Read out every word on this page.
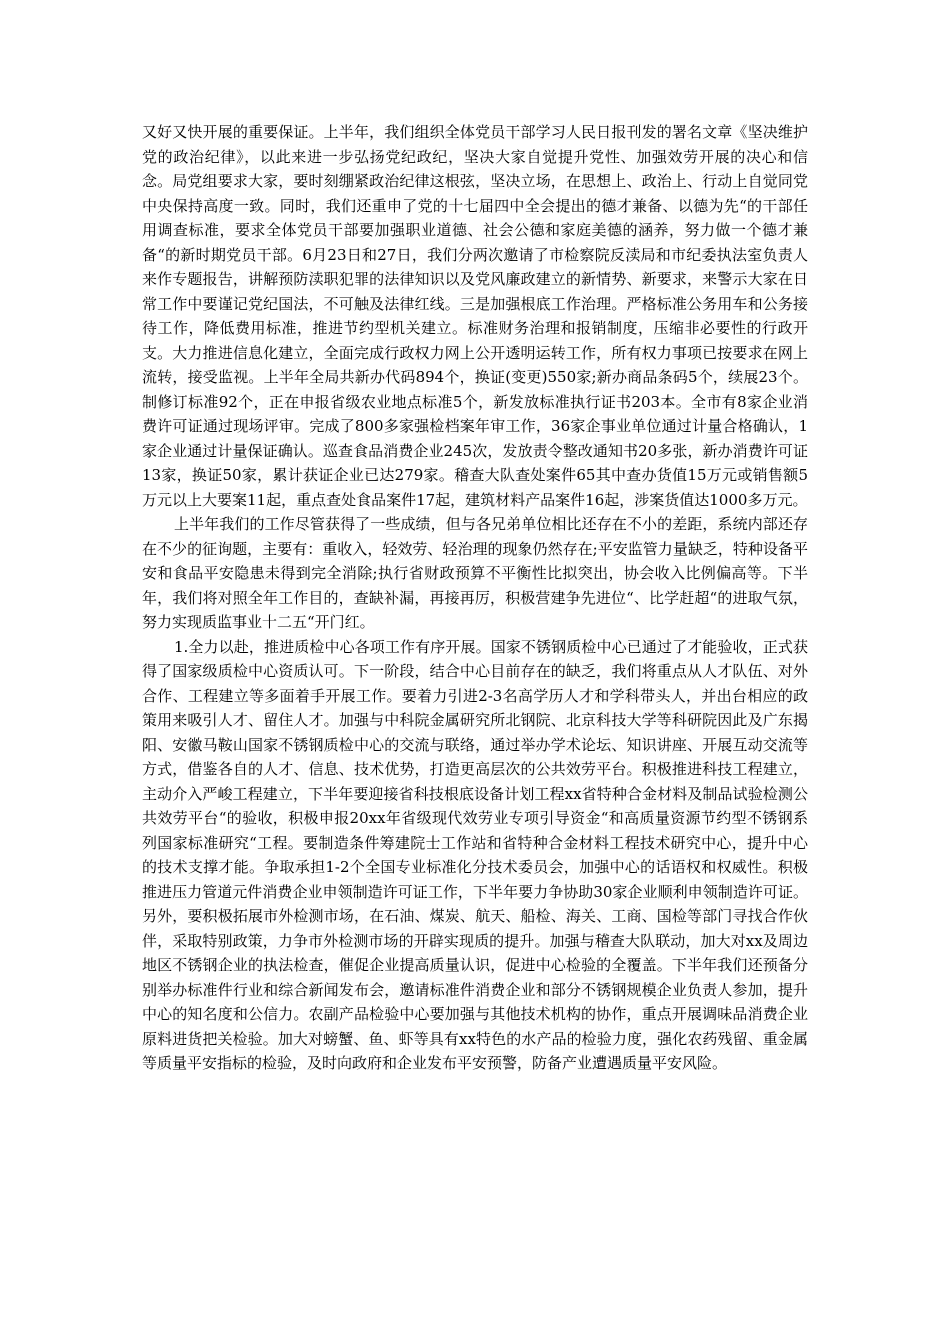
又好又快开展的重要保证。上半年，我们组织全体党员干部学习人民日报刊发的署名文章《坚决维护党的政治纪律》，以此来进一步弘扬党纪政纪，坚决大家自觉提升党性、加强效劳开展的决心和信念。局党组要求大家，要时刻绷紧政治纪律这根弦，坚决立场，在思想上、政治上、行动上自觉同党中央保持高度一致。同时，我们还重申了党的十七届四中全会提出的德才兼备、以德为先“的干部任用调查标准，要求全体党员干部要加强职业道德、社会公德和家庭美德的涵养，努力做一个德才兼备“的新时期党员干部。6月23日和27日，我们分两次邀请了市检察院反渎局和市纪委执法室负责人来作专题报告，讲解预防渎职犯罪的法律知识以及党风廉政建立的新情势、新要求，来警示大家在日常工作中要谨记党纪国法，不可触及法律红线。三是加强根底工作治理。严格标准公务用车和公务接待工作，降低费用标准，推进节约型机关建立。标准财务治理和报销制度，压缩非必要性的行政开支。大力推进信息化建立，全面完成行政权力网上公开透明运转工作，所有权力事项已按要求在网上流转，接受监视。上半年全局共新办代码894个，换证(变更)550家;新办商品条码5个，续展23个。制修订标准92个，正在申报省级农业地点标准5个，新发放标准执行证书203本。全市有8家企业消费许可证通过现场评审。完成了800多家强检档案年审工作，36家企事业单位通过计量合格确认，1家企业通过计量保证确认。巡查食品消费企业245次，发放责令整改通知书20多张，新办消费许可证13家，换证50家，累计获证企业已达279家。稽查大队查处案件65其中查办货值15万元或销售额5万元以上大要案11起，重点查处食品案件17起，建筑材料产品案件16起，涉案货值达1000多万元。

上半年我们的工作尽管获得了一些成绩，但与各兄弟单位相比还存在不小的差距，系统内部还存在不少的征询题，主要有：重收入，轻效劳、轻治理的现象仍然存在;平安监管力量缺乏，特种设备平安和食品平安隐患未得到完全消除;执行省财政预算不平衡性比拟突出，协会收入比例偏高等。下半年，我们将对照全年工作目的，查缺补漏，再接再厉，积极营建争先进位“、比学赶超“的进取气氛，努力实现质监事业十二五“开门红。

1.全力以赴，推进质检中心各项工作有序开展。国家不锈钢质检中心已通过了才能验收，正式获得了国家级质检中心资质认可。下一阶段，结合中心目前存在的缺乏，我们将重点从人才队伍、对外合作、工程建立等多面着手开展工作。要着力引进2-3名高学历人才和学科带头人，并出台相应的政策用来吸引人才、留住人才。加强与中科院金属研究所北钢院、北京科技大学等科研院因此及广东揭阳、安徽马鞍山国家不锈钢质检中心的交流与联络，通过举办学术论坛、知识讲座、开展互动交流等方式，借鉴各自的人才、信息、技术优势，打造更高层次的公共效劳平台。积极推进科技工程建立，主动介入严峻工程建立，下半年要迎接省科技根底设备计划工程xx省特种合金材料及制品试验检测公共效劳平台“的验收，积极申报20xx年省级现代效劳业专项引导资金“和高质量资源节约型不锈钢系列国家标准研究“工程。要制造条件筹建院士工作站和省特种合金材料工程技术研究中心，提升中心的技术支撑才能。争取承担1-2个全国专业标准化分技术委员会，加强中心的话语权和权威性。积极推进压力管道元件消费企业申领制造许可证工作，下半年要力争协助30家企业顺利申领制造许可证。另外，要积极拓展市外检测市场，在石油、煤炭、航天、船检、海关、工商、国检等部门寻找合作伙伴，采取特别政策，力争市外检测市场的开辟实现质的提升。加强与稽查大队联动，加大对xx及周边地区不锈钢企业的执法检查，催促企业提高质量认识，促进中心检验的全覆盖。下半年我们还预备分别举办标准件行业和综合新闻发布会，邀请标准件消费企业和部分不锈钢规模企业负责人参加，提升中心的知名度和公信力。农副产品检验中心要加强与其他技术机构的协作，重点开展调味品消费企业原料进货把关检验。加大对螃蟹、鱼、虾等具有xx特色的水产品的检验力度，强化农药残留、重金属等质量平安指标的检验，及时向政府和企业发布平安预警，防备产业遭遇质量平安风险。
